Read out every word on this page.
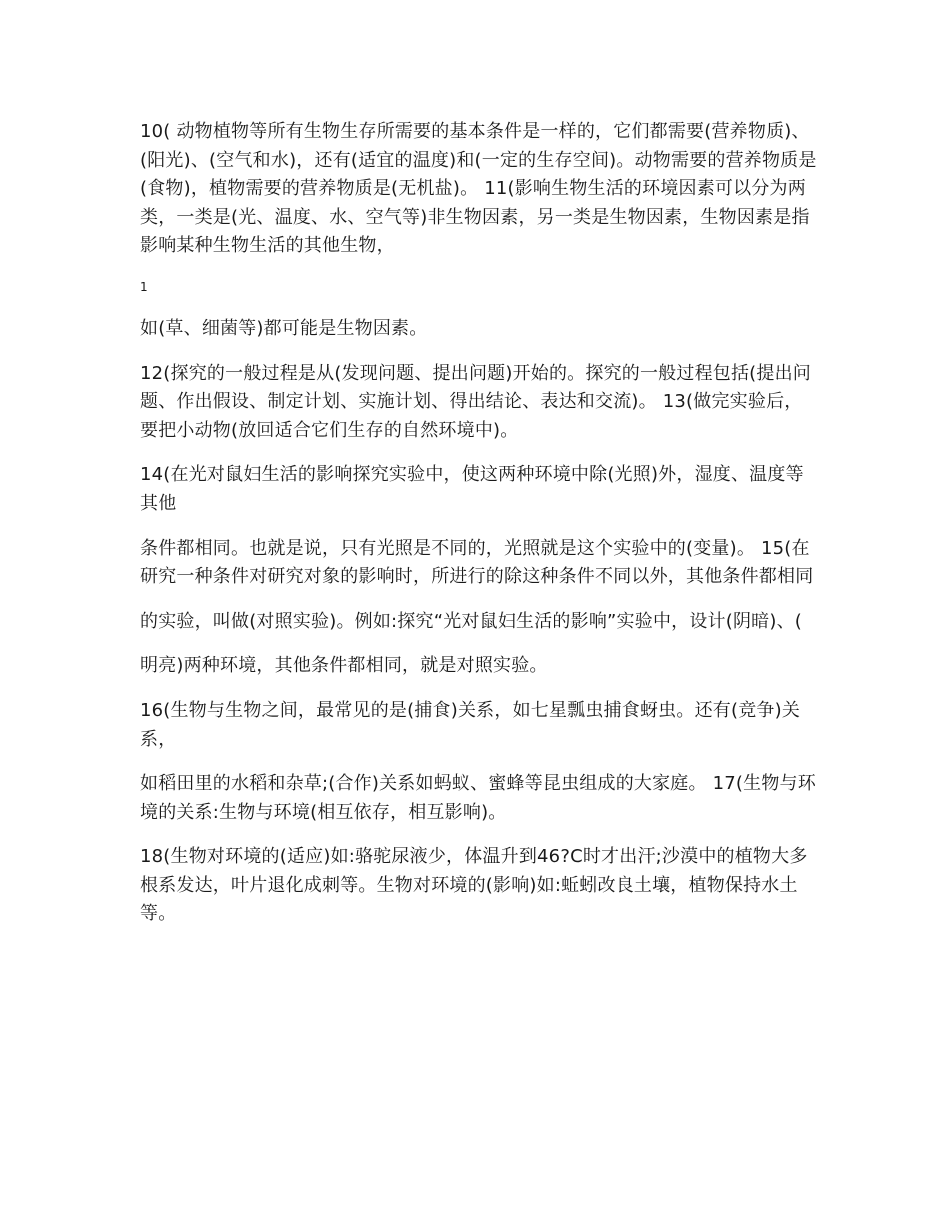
10( 动物植物等所有生物生存所需要的基本条件是一样的，它们都需要(营养物质)、(阳光)、(空气和水)，还有(适宜的温度)和(一定的生存空间)。动物需要的营养物质是(食物)，植物需要的营养物质是(无机盐)。 11(影响生物生活的环境因素可以分为两类，一类是(光、温度、水、空气等)非生物因素，另一类是生物因素，生物因素是指影响某种生物生活的其他生物，

1

如(草、细菌等)都可能是生物因素。

12(探究的一般过程是从(发现问题、提出问题)开始的。探究的一般过程包括(提出问题、作出假设、制定计划、实施计划、得出结论、表达和交流)。 13(做完实验后，要把小动物(放回适合它们生存的自然环境中)。

14(在光对鼠妇生活的影响探究实验中，使这两种环境中除(光照)外，湿度、温度等其他

条件都相同。也就是说，只有光照是不同的，光照就是这个实验中的(变量)。 15(在研究一种条件对研究对象的影响时，所进行的除这种条件不同以外，其他条件都相同

的实验，叫做(对照实验)。例如:探究“光对鼠妇生活的影响”实验中，设计(阴暗)、(

明亮)两种环境，其他条件都相同，就是对照实验。

16(生物与生物之间，最常见的是(捕食)关系，如七星瓢虫捕食蚜虫。还有(竞争)关系，

如稻田里的水稻和杂草;(合作)关系如蚂蚁、蜜蜂等昆虫组成的大家庭。 17(生物与环境的关系:生物与环境(相互依存，相互影响)。

18(生物对环境的(适应)如:骆驼尿液少，体温升到46?C时才出汗;沙漠中的植物大多根系发达，叶片退化成刺等。生物对环境的(影响)如:蚯蚓改良土壤，植物保持水土等。
